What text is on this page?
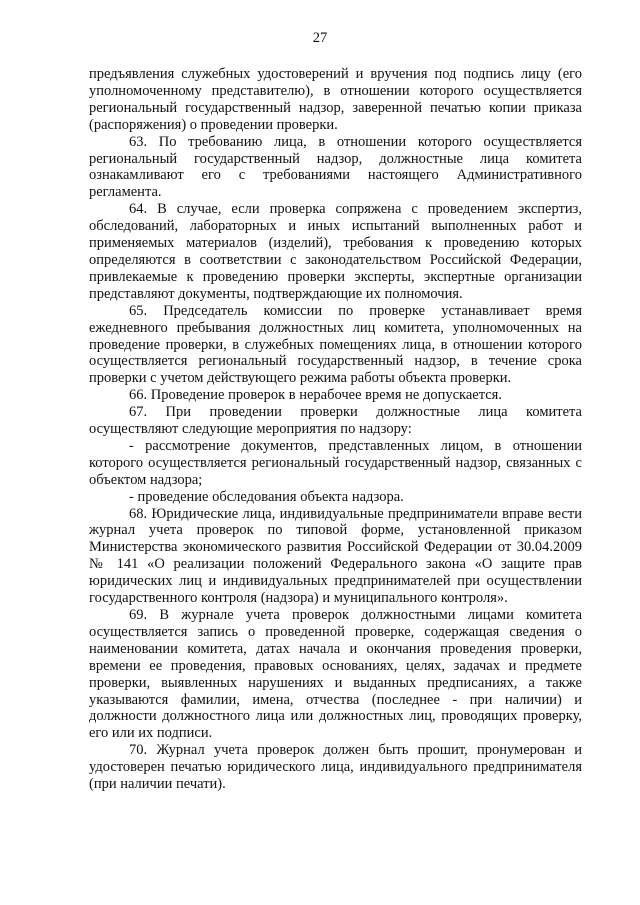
27

предъявления служебных удостоверений и вручения под подпись лицу (его уполномоченному представителю), в отношении которого осуществляется региональный государственный надзор, заверенной печатью копии приказа (распоряжения) о проведении проверки.

63. По требованию лица, в отношении которого осуществляется региональный государственный надзор, должностные лица комитета ознакамливают его с требованиями настоящего Административного регламента.

64. В случае, если проверка сопряжена с проведением экспертиз, обследований, лабораторных и иных испытаний выполненных работ и применяемых материалов (изделий), требования к проведению которых определяются в соответствии с законодательством Российской Федерации, привлекаемые к проведению проверки эксперты, экспертные организации представляют документы, подтверждающие их полномочия.

65. Председатель комиссии по проверке устанавливает время ежедневного пребывания должностных лиц комитета, уполномоченных на проведение проверки, в служебных помещениях лица, в отношении которого осуществляется региональный государственный надзор, в течение срока проверки с учетом действующего режима работы объекта проверки.

66. Проведение проверок в нерабочее время не допускается.

67. При проведении проверки должностные лица комитета осуществляют следующие мероприятия по надзору:

- рассмотрение документов, представленных лицом, в отношении которого осуществляется региональный государственный надзор, связанных с объектом надзора;

- проведение обследования объекта надзора.

68. Юридические лица, индивидуальные предприниматели вправе вести журнал учета проверок по типовой форме, установленной приказом Министерства экономического развития Российской Федерации от 30.04.2009 № 141 «О реализации положений Федерального закона «О защите прав юридических лиц и индивидуальных предпринимателей при осуществлении государственного контроля (надзора) и муниципального контроля».

69. В журнале учета проверок должностными лицами комитета осуществляется запись о проведенной проверке, содержащая сведения о наименовании комитета, датах начала и окончания проведения проверки, времени ее проведения, правовых основаниях, целях, задачах и предмете проверки, выявленных нарушениях и выданных предписаниях, а также указываются фамилии, имена, отчества (последнее - при наличии) и должности должностного лица или должностных лиц, проводящих проверку, его или их подписи.

70. Журнал учета проверок должен быть прошит, пронумерован и удостоверен печатью юридического лица, индивидуального предпринимателя (при наличии печати).
